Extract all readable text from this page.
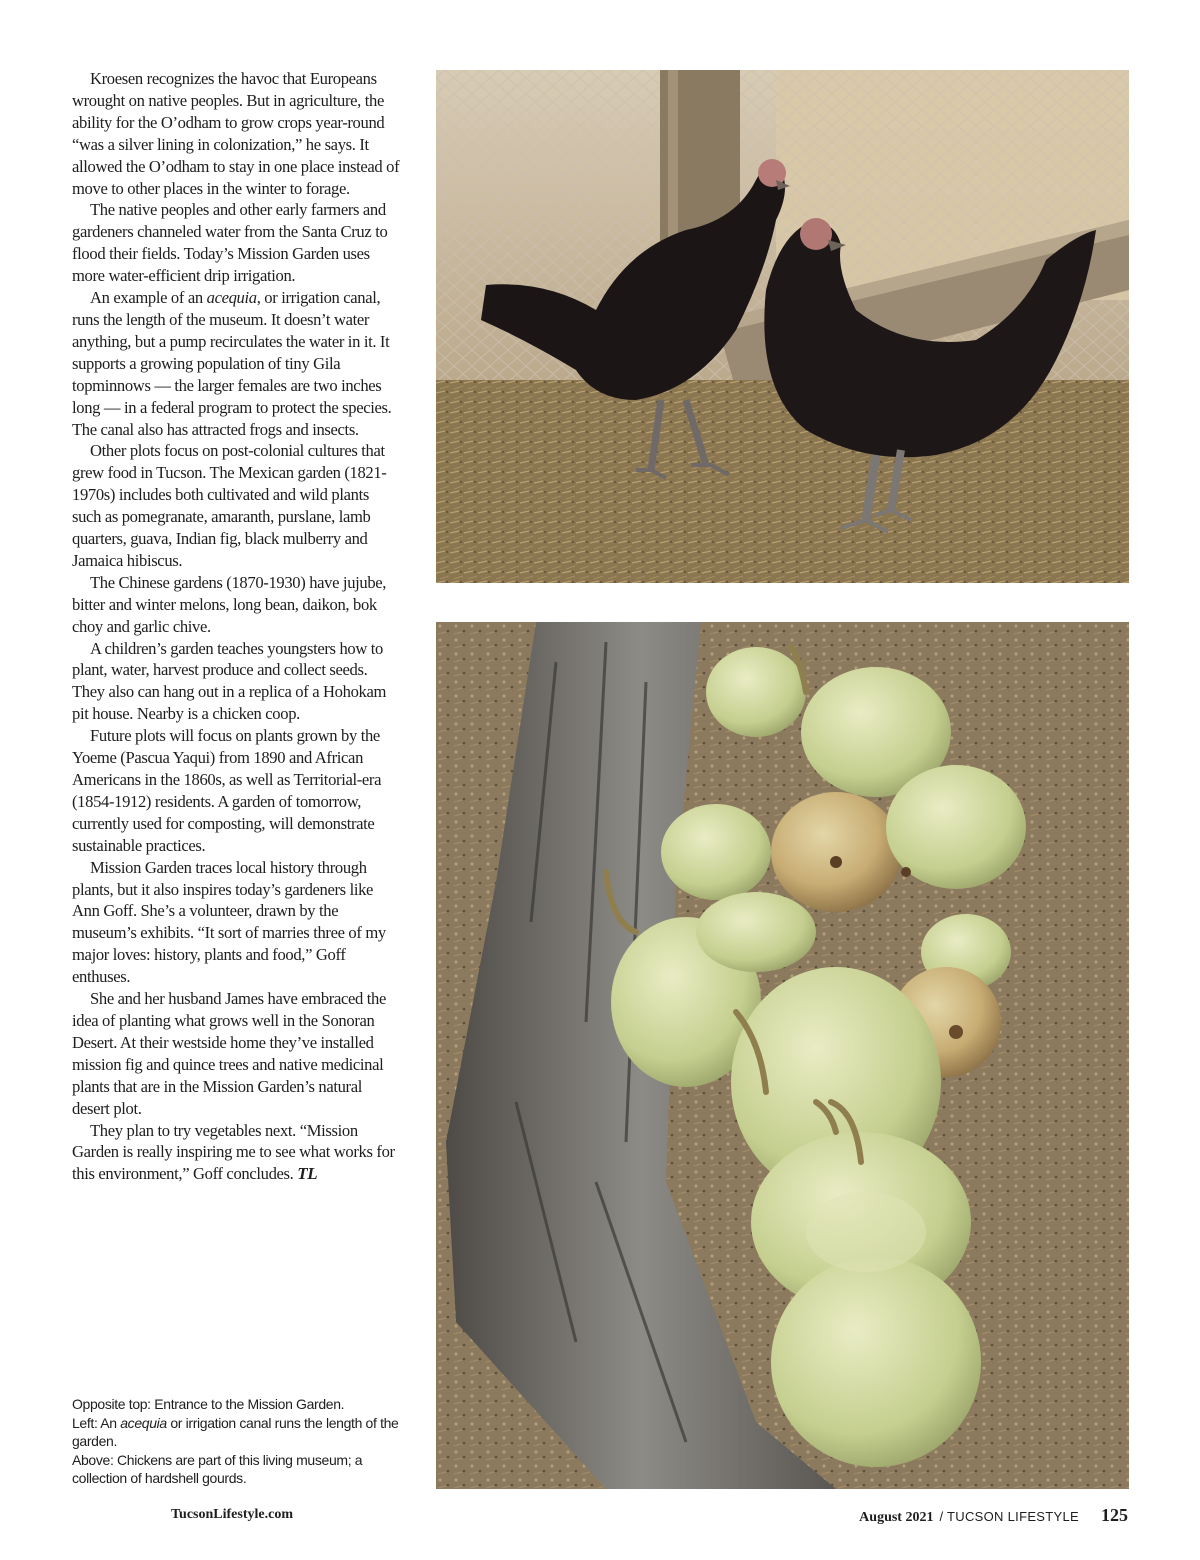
Kroesen recognizes the havoc that Europeans wrought on native peoples. But in agriculture, the ability for the O’odham to grow crops year-round “was a silver lining in colonization,” he says. It allowed the O’odham to stay in one place instead of move to other places in the winter to forage.

The native peoples and other early farmers and gardeners channeled water from the Santa Cruz to flood their fields. Today’s Mission Garden uses more water-efficient drip irrigation.

An example of an acequia, or irrigation canal, runs the length of the museum. It doesn’t water anything, but a pump recirculates the water in it. It supports a growing population of tiny Gila topminnows — the larger females are two inches long — in a federal program to protect the species. The canal also has attracted frogs and insects.

Other plots focus on post-colonial cultures that grew food in Tucson. The Mexican garden (1821-1970s) includes both cultivated and wild plants such as pomegranate, amaranth, purslane, lamb quarters, guava, Indian fig, black mulberry and Jamaica hibiscus.

The Chinese gardens (1870-1930) have jujube, bitter and winter melons, long bean, daikon, bok choy and garlic chive.

A children’s garden teaches youngsters how to plant, water, harvest produce and collect seeds. They also can hang out in a replica of a Hohokam pit house. Nearby is a chicken coop.

Future plots will focus on plants grown by the Yoeme (Pascua Yaqui) from 1890 and African Americans in the 1860s, as well as Territorial-era (1854-1912) residents. A garden of tomorrow, currently used for composting, will demonstrate sustainable practices.

Mission Garden traces local history through plants, but it also inspires today’s gardeners like Ann Goff. She’s a volunteer, drawn by the museum’s exhibits. “It sort of marries three of my major loves: history, plants and food,” Goff enthuses.

She and her husband James have embraced the idea of planting what grows well in the Sonoran Desert. At their westside home they’ve installed mission fig and quince trees and native medicinal plants that are in the Mission Garden’s natural desert plot.

They plan to try vegetables next. “Mission Garden is really inspiring me to see what works for this environment,” Goff concludes. TL

Opposite top: Entrance to the Mission Garden.

Left: An acequia or irrigation canal runs the length of the garden.

Above: Chickens are part of this living museum; a collection of hardshell gourds.

TucsonLifestyle.com	August 2021 / TUCSON LIFESTYLE 125
